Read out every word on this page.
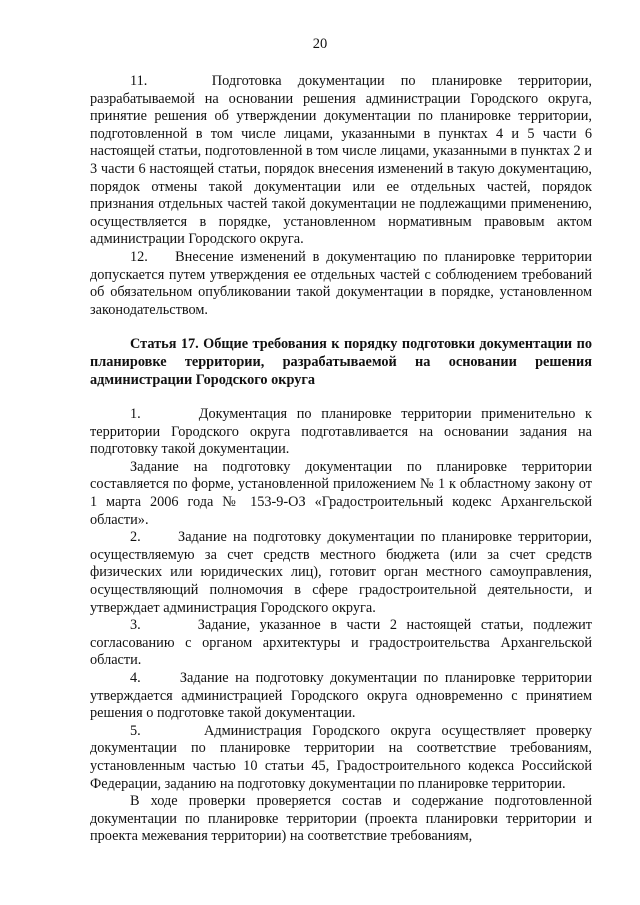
20

11.    Подготовка документации по планировке территории, разрабатываемой на основании решения администрации Городского округа, принятие решения об утверждении документации по планировке территории, подготовленной в том числе лицами, указанными в пунктах 4 и 5 части 6 настоящей статьи, подготовленной в том числе лицами, указанными в пунктах 2 и 3 части 6 настоящей статьи, порядок внесения изменений в такую документацию, порядок отмены такой документации или ее отдельных частей, порядок признания отдельных частей такой документации не подлежащими применению, осуществляется в порядке, установленном нормативным правовым актом администрации Городского округа.

12.    Внесение изменений в документацию по планировке территории допускается путем утверждения ее отдельных частей с соблюдением требований об обязательном опубликовании такой документации в порядке, установленном законодательством.

Статья 17. Общие требования к порядку подготовки документации по планировке территории, разрабатываемой на основании решения администрации Городского округа

1.      Документация по планировке территории применительно к территории Городского округа подготавливается на основании задания на подготовку такой документации.

Задание на подготовку документации по планировке территории составляется по форме, установленной приложением № 1 к областному закону от 1 марта 2006 года № 153-9-ОЗ «Градостроительный кодекс Архангельской области».

2.      Задание на подготовку документации по планировке территории, осуществляемую за счет средств местного бюджета (или за счет средств физических или юридических лиц), готовит орган местного самоуправления, осуществляющий полномочия в сфере градостроительной деятельности, и утверждает администрация Городского округа.

3.      Задание, указанное в части 2 настоящей статьи, подлежит согласованию с органом архитектуры и градостроительства Архангельской области.

4.      Задание на подготовку документации по планировке территории утверждается администрацией Городского округа одновременно с принятием решения о подготовке такой документации.

5.      Администрация Городского округа осуществляет проверку документации по планировке территории на соответствие требованиям, установленным частью 10 статьи 45, Градостроительного кодекса Российской Федерации, заданию на подготовку документации по планировке территории.

В ходе проверки проверяется состав и содержание подготовленной документации по планировке территории (проекта планировки территории и проекта межевания территории) на соответствие требованиям,
